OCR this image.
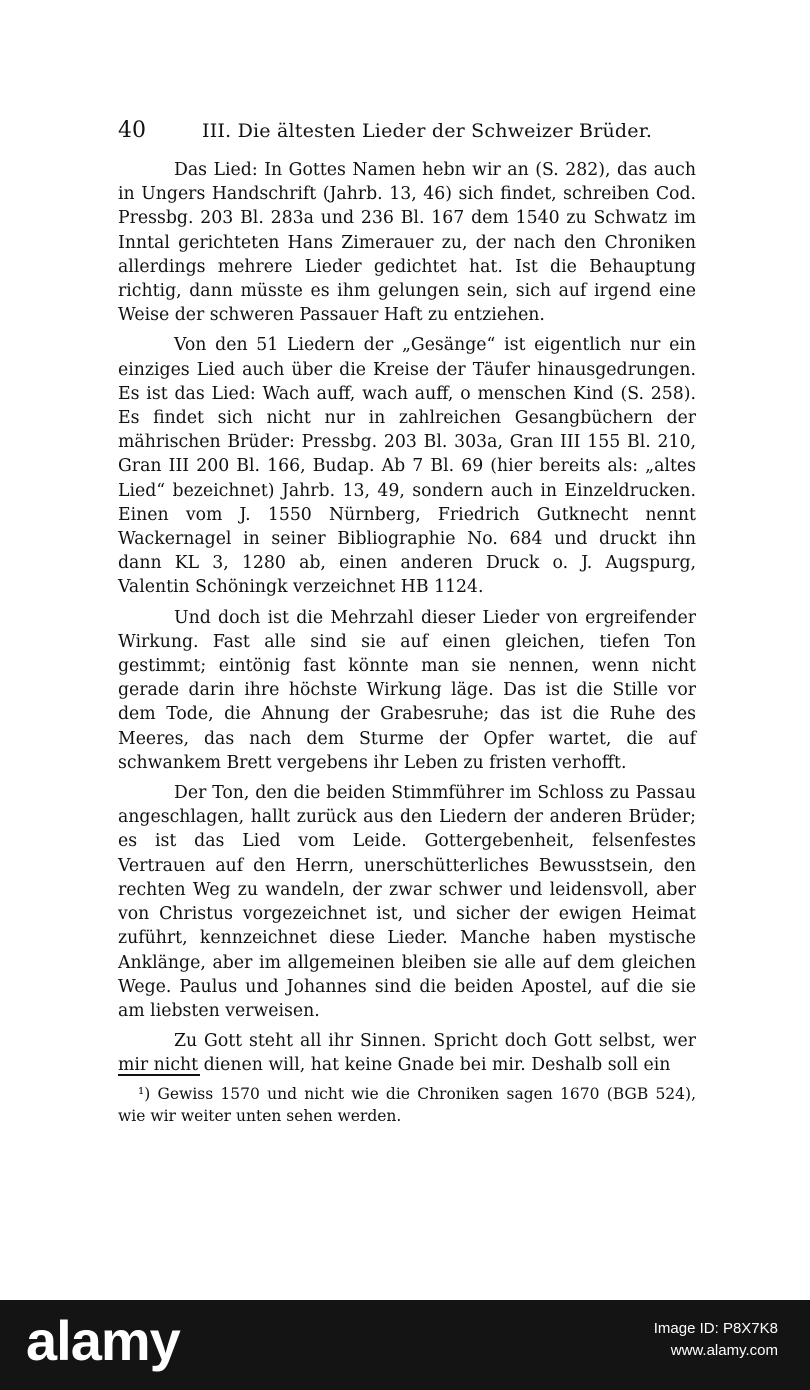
40	III. Die ältesten Lieder der Schweizer Brüder.

Das Lied: In Gottes Namen hebn wir an (S. 282), das auch in Ungers Handschrift (Jahrb. 13, 46) sich findet, schreiben Cod. Pressbg. 203 Bl. 283a und 236 Bl. 167 dem 1540 zu Schwatz im Inntal gerichteten Hans Zimerauer zu, der nach den Chroniken allerdings mehrere Lieder gedichtet hat. Ist die Behauptung richtig, dann müsste es ihm gelungen sein, sich auf irgend eine Weise der schweren Passauer Haft zu entziehen.

Von den 51 Liedern der „Gesänge“ ist eigentlich nur ein einziges Lied auch über die Kreise der Täufer hinausgedrungen. Es ist das Lied: Wach auff, wach auff, o menschen Kind (S. 258). Es findet sich nicht nur in zahlreichen Gesangbüchern der mährischen Brüder: Pressbg. 203 Bl. 303a, Gran III 155 Bl. 210, Gran III 200 Bl. 166, Budap. Ab 7 Bl. 69 (hier bereits als: „altes Lied“ bezeichnet) Jahrb. 13, 49, sondern auch in Einzeldrucken. Einen vom J. 1550 Nürnberg, Friedrich Gutknecht nennt Wackernagel in seiner Bibliographie No. 684 und druckt ihn dann KL 3, 1280 ab, einen anderen Druck o. J. Augspurg, Valentin Schöningk verzeichnet HB 1124.

Und doch ist die Mehrzahl dieser Lieder von ergreifender Wirkung. Fast alle sind sie auf einen gleichen, tiefen Ton gestimmt; eintönig fast könnte man sie nennen, wenn nicht gerade darin ihre höchste Wirkung läge. Das ist die Stille vor dem Tode, die Ahnung der Grabesruhe; das ist die Ruhe des Meeres, das nach dem Sturme der Opfer wartet, die auf schwankem Brett vergebens ihr Leben zu fristen verhofft.

Der Ton, den die beiden Stimmführer im Schloss zu Passau angeschlagen, hallt zurück aus den Liedern der anderen Brüder; es ist das Lied vom Leide. Gottergebenheit, felsenfestes Vertrauen auf den Herrn, unerschütterliches Bewusstsein, den rechten Weg zu wandeln, der zwar schwer und leidensvoll, aber von Christus vorgezeichnet ist, und sicher der ewigen Heimat zuführt, kennzeichnet diese Lieder. Manche haben mystische Anklänge, aber im allgemeinen bleiben sie alle auf dem gleichen Wege. Paulus und Johannes sind die beiden Apostel, auf die sie am liebsten verweisen.

Zu Gott steht all ihr Sinnen. Spricht doch Gott selbst, wer mir nicht dienen will, hat keine Gnade bei mir. Deshalb soll ein

¹) Gewiss 1570 und nicht wie die Chroniken sagen 1670 (BGB 524), wie wir weiter unten sehen werden.
alamy	Image ID: P8X7K8
www.alamy.com
